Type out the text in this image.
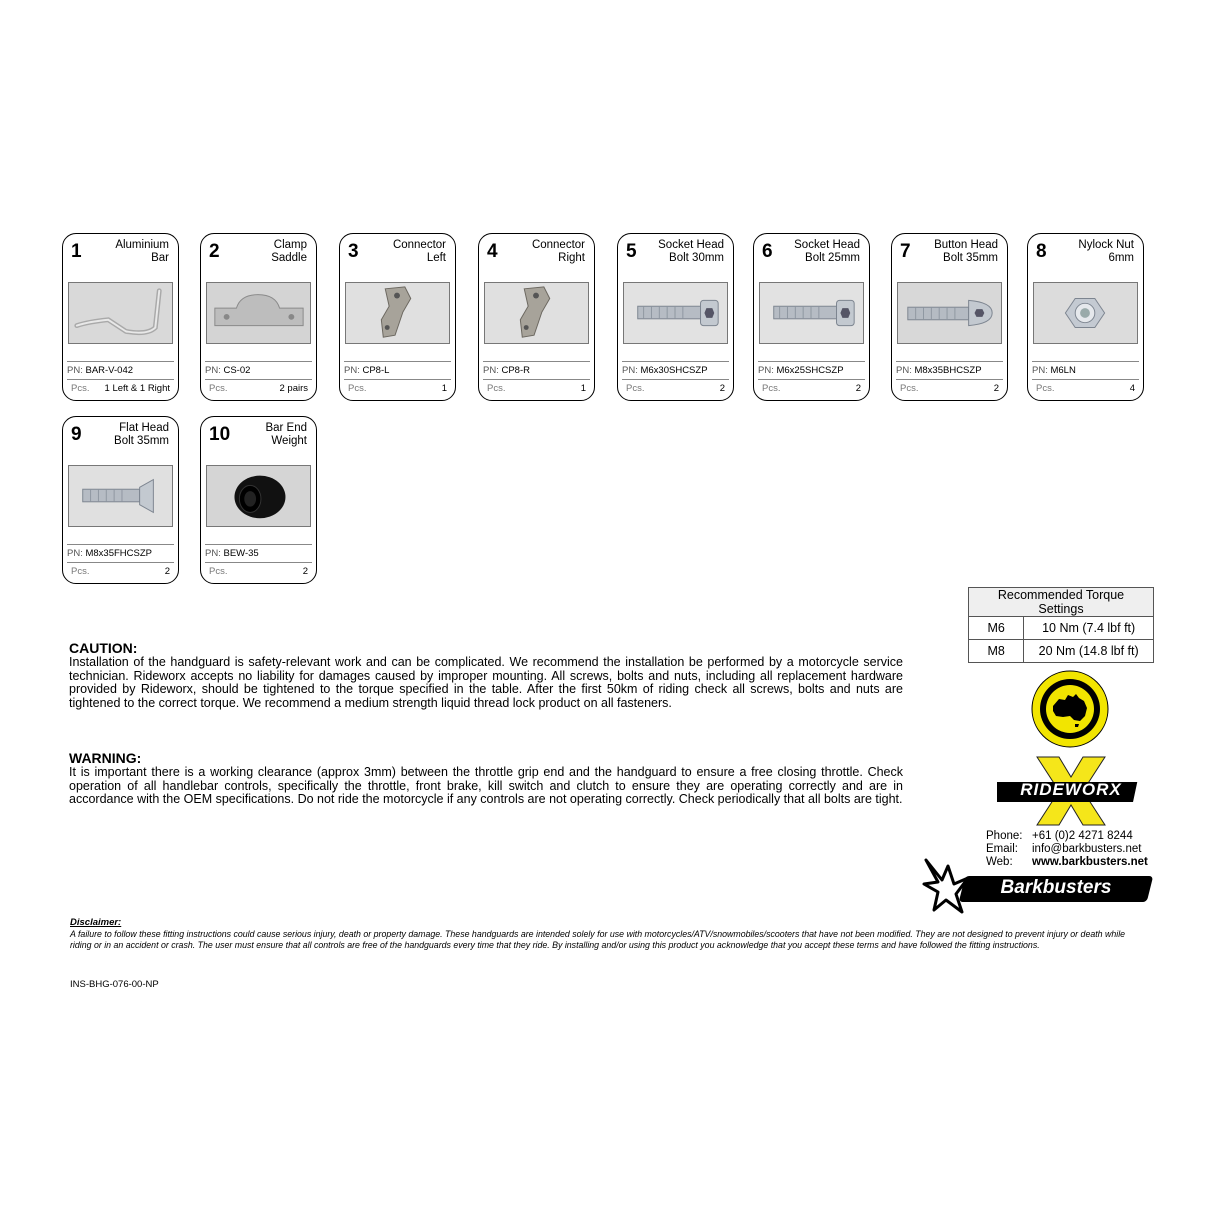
1	Aluminium
Bar
PN: BAR-V-042
Pcs. 1 Left & 1 Right
2	Clamp
Saddle
PN: CS-02
Pcs.	2 pairs
3	Connector
Left
PN: CP8-L
Pcs.	1
4	Connector
Right
PN: CP8-R
Pcs.	1
5 Socket Head
Bolt 30mm
PN: M6x30SHCSZP
Pcs.	2
6 Socket Head
Bolt 25mm
PN: M6x25SHCSZP
Pcs.	2
7 Button Head
Bolt 35mm
PN: M8x35BHCSZP
Pcs.	2
8	Nylock Nut
6mm
PN: M6LN
Pcs.	4
9	Flat Head
Bolt 35mm
PN: M8x35FHCSZP
Pcs.	2
10	Bar End
Weight
PN: BEW-35
Pcs.	2
Recommended Torque Settings	
M6	10 Nm (7.4 lbf ft)
M8	20 Nm (14.8 lbf ft)
CAUTION:
Installation of the handguard is safety-relevant work and can be complicated. We recommend the installation be performed by a motorcycle service technician. Rideworx accepts no liability for damages caused by improper mounting. All screws, bolts and nuts, including all replacement hardware provided by Rideworx, should be tightened to the torque specified in the table. After the first 50km of riding check all screws, bolts and nuts are tightened to the correct torque. We recommend a medium strength liquid thread lock product on all fasteners.
WARNING:
It is important there is a working clearance (approx 3mm) between the throttle grip end and the handguard to ensure a free closing throttle. Check operation of all handlebar controls, specifically the throttle, front brake, kill switch and clutch to ensure they are operating correctly and are in accordance with the OEM specifications. Do not ride the motorcycle if any controls are not operating correctly. Check periodically that all bolts are tight.	RIDEWORX
Phone: +61 (0)2 4271 8244
Email:	info@barkbusters.net
Web:	www.barkbusters.net
Barkbusters
Disclaimer:
A failure to follow these fitting instructions could cause serious injury, death or property damage. These handguards are intended solely for use with motorcycles/ATV/snowmobiles/scooters that have not been modified. They are not designed to prevent injury or death while riding or in an accident or crash. The user must ensure that all controls are free of the handguards every time that they ride. By installing and/or using this product you acknowledge that you accept these terms and have followed the fitting instructions.
INS-BHG-076-00-NP
